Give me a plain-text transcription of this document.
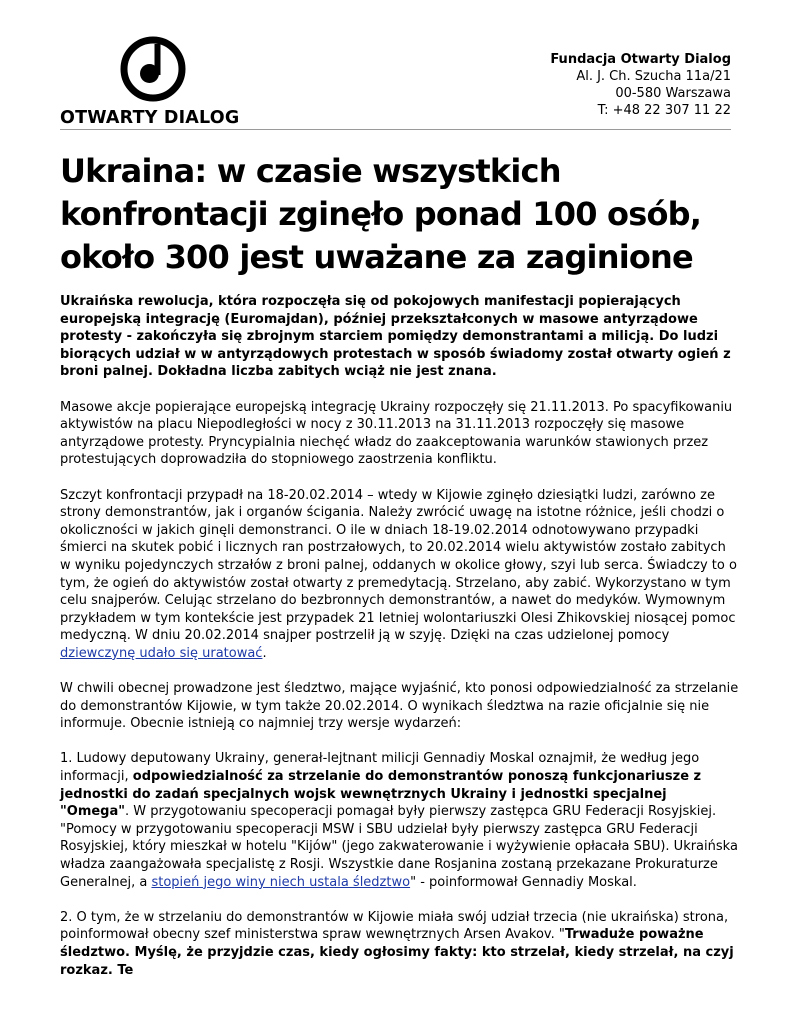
OTWARTY DIALOG
Fundacja Otwarty Dialog
Al. J. Ch. Szucha 11a/21
00-580 Warszawa
T: +48 22 307 11 22
Ukraina: w czasie wszystkich konfrontacji zginęło ponad 100 osób, około 300 jest uważane za zaginione

Ukraińska rewolucja, która rozpoczęła się od pokojowych manifestacji popierających europejską integrację (Euromajdan), później przekształconych w masowe antyrządowe protesty - zakończyła się zbrojnym starciem pomiędzy demonstrantami a milicją. Do ludzi biorących udział w w antyrządowych protestach w sposób świadomy został otwarty ogień z broni palnej. Dokładna liczba zabitych wciąż nie jest znana.

Masowe akcje popierające europejską integrację Ukrainy rozpoczęły się 21.11.2013. Po spacyfikowaniu aktywistów na placu Niepodległości w nocy z 30.11.2013 na 31.11.2013 rozpoczęły się masowe antyrządowe protesty. Pryncypialnia niechęć władz do zaakceptowania warunków stawionych przez protestujących doprowadziła do stopniowego zaostrzenia konfliktu.

Szczyt konfrontacji przypadł na 18-20.02.2014 – wtedy w Kijowie zginęło dziesiątki ludzi, zarówno ze strony demonstrantów, jak i organów ścigania. Należy zwrócić uwagę na istotne różnice, jeśli chodzi o okoliczności w jakich ginęli demonstranci. O ile w dniach 18-19.02.2014 odnotowywano przypadki śmierci na skutek pobić i licznych ran postrzałowych, to 20.02.2014 wielu aktywistów zostało zabitych w wyniku pojedynczych strzałów z broni palnej, oddanych w okolice głowy, szyi lub serca. Świadczy to o tym, że ogień do aktywistów został otwarty z premedytacją. Strzelano, aby zabić. Wykorzystano w tym celu snajperów. Celując strzelano do bezbronnych demonstrantów, a nawet do medyków. Wymownym przykładem w tym kontekście jest przypadek 21 letniej wolontariuszki Olesi Zhikovskiej niosącej pomoc medyczną. W dniu 20.02.2014 snajper postrzelił ją w szyję. Dzięki na czas udzielonej pomocy dziewczynę udało się uratować.

W chwili obecnej prowadzone jest śledztwo, mające wyjaśnić, kto ponosi odpowiedzialność za strzelanie do demonstrantów Kijowie, w tym także 20.02.2014. O wynikach śledztwa na razie oficjalnie się nie informuje. Obecnie istnieją co najmniej trzy wersje wydarzeń:

1. Ludowy deputowany Ukrainy, generał-lejtnant milicji Gennadiy Moskal oznajmił, że według jego informacji, odpowiedzialność za strzelanie do demonstrantów ponoszą funkcjonariusze z jednostki do zadań specjalnych wojsk wewnętrznych Ukrainy i jednostki specjalnej "Omega". W przygotowaniu specoperacji pomagał były pierwszy zastępca GRU Federacji Rosyjskiej. "Pomocy w przygotowaniu specoperacji MSW i SBU udzielał były pierwszy zastępca GRU Federacji Rosyjskiej, który mieszkał w hotelu "Kijów" (jego zakwaterowanie i wyżywienie opłacała SBU). Ukraińska władza zaangażowała specjalistę z Rosji. Wszystkie dane Rosjanina zostaną przekazane Prokuraturze Generalnej, a stopień jego winy niech ustala śledztwo" - poinformował Gennadiy Moskal.

2. O tym, że w strzelaniu do demonstrantów w Kijowie miała swój udział trzecia (nie ukraińska) strona, poinformował obecny szef ministerstwa spraw wewnętrznych Arsen Avakov. "Trwaduże poważne śledztwo. Myślę, że przyjdzie czas, kiedy ogłosimy fakty: kto strzelał, kiedy strzelał, na czyj rozkaz. Te
